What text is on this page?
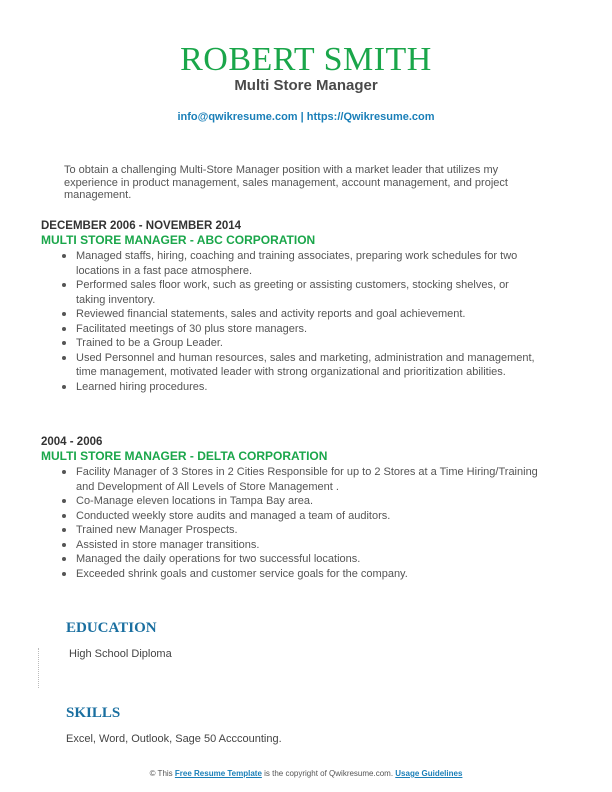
ROBERT SMITH
Multi Store Manager
info@qwikresume.com | https://Qwikresume.com
To obtain a challenging Multi-Store Manager position with a market leader that utilizes my experience in product management, sales management, account management, and project management.
DECEMBER 2006 - NOVEMBER 2014
MULTI STORE MANAGER - ABC CORPORATION
Managed staffs, hiring, coaching and training associates, preparing work schedules for two locations in a fast pace atmosphere.
Performed sales floor work, such as greeting or assisting customers, stocking shelves, or taking inventory.
Reviewed financial statements, sales and activity reports and goal achievement.
Facilitated meetings of 30 plus store managers.
Trained to be a Group Leader.
Used Personnel and human resources, sales and marketing, administration and management, time management, motivated leader with strong organizational and prioritization abilities.
Learned hiring procedures.
2004 - 2006
MULTI STORE MANAGER - DELTA CORPORATION
Facility Manager of 3 Stores in 2 Cities Responsible for up to 2 Stores at a Time Hiring/Training and Development of All Levels of Store Management .
Co-Manage eleven locations in Tampa Bay area.
Conducted weekly store audits and managed a team of auditors.
Trained new Manager Prospects.
Assisted in store manager transitions.
Managed the daily operations for two successful locations.
Exceeded shrink goals and customer service goals for the company.
EDUCATION
High School Diploma
SKILLS
Excel, Word, Outlook, Sage 50 Acccounting.
© This Free Resume Template is the copyright of Qwikresume.com. Usage Guidelines
